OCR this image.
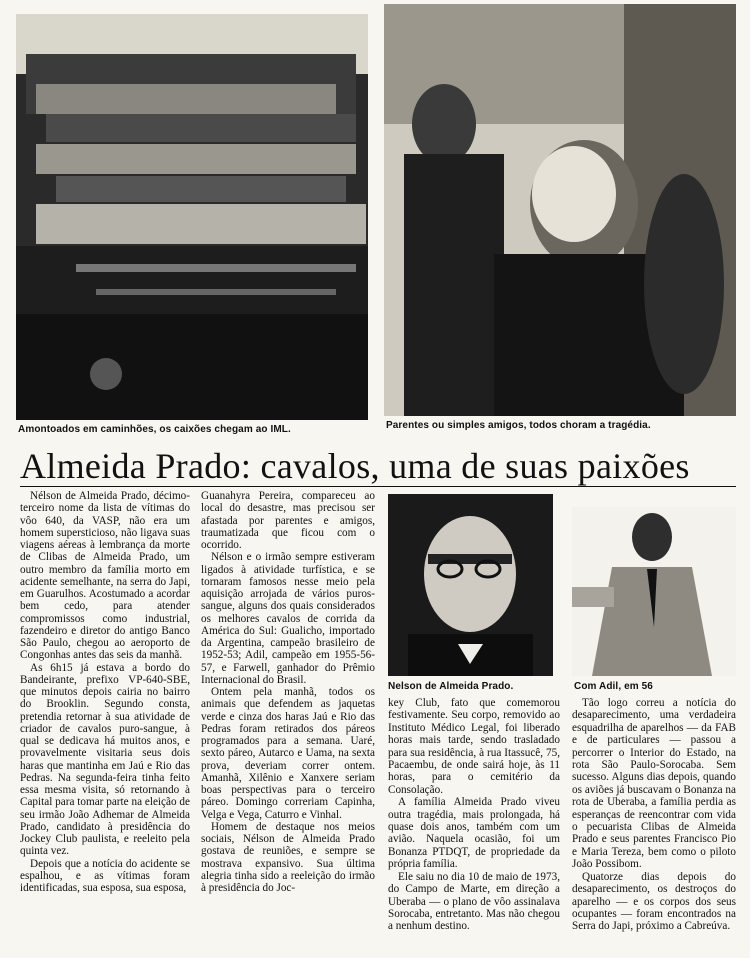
Amontoados em caminhões, os caixões chegam ao IML.	Parentes ou simples amigos, todos choram a tragédia.
Almeida Prado: cavalos, uma de suas paixões
Nelson de Almeida Prado.	Com Adil, em 56

Nélson de Almeida Prado, décimo-terceiro nome da lista de vítimas do vôo 640, da VASP, não era um homem supersticioso, não ligava suas viagens aéreas à lembrança da morte de Clibas de Almeida Prado, um outro membro da família morto em acidente semelhante, na serra do Japi, em Guarulhos. Acostumado a acordar bem cedo, para atender compromissos como industrial, fazendeiro e diretor do antigo Banco São Paulo, chegou ao aeroporto de Congonhas antes das seis da manhã.

As 6h15 já estava a bordo do Bandeirante, prefixo VP-640-SBE, que minutos depois cairia no bairro do Brooklin. Segundo consta, pretendia retornar à sua atividade de criador de cavalos puro-sangue, à qual se dedicava há muitos anos, e provavelmente visitaria seus dois haras que mantinha em Jaú e Rio das Pedras. Na segunda-feira tinha feito essa mesma visita, só retornando à Capital para tomar parte na eleição de seu irmão João Adhemar de Almeida Prado, candidato à presidência do Jockey Club paulista, e reeleito pela quinta vez.

Depois que a notícia do acidente se espalhou, e as vítimas foram identificadas, sua esposa, sua esposa,

Guanahyra Pereira, compareceu ao local do desastre, mas precisou ser afastada por parentes e amigos, traumatizada que ficou com o ocorrido.

Nélson e o irmão sempre estiveram ligados à atividade turfística, e se tornaram famosos nesse meio pela aquisição arrojada de vários puros-sangue, alguns dos quais considerados os melhores cavalos de corrida da América do Sul: Gualicho, importado da Argentina, campeão brasileiro de 1952-53; Adil, campeão em 1955-56-57, e Farwell, ganhador do Prêmio Internacional do Brasil.

Ontem pela manhã, todos os animais que defendem as jaquetas verde e cinza dos haras Jaú e Rio das Pedras foram retirados dos páreos programados para a semana. Uaré, sexto páreo, Autarco e Uama, na sexta prova, deveriam correr ontem. Amanhã, Xilênio e Xanxere seriam boas perspectivas para o terceiro páreo. Domingo correriam Capinha, Velga e Vega, Caturro e Vinhal.

Homem de destaque nos meios sociais, Nélson de Almeida Prado gostava de reuniões, e sempre se mostrava expansivo. Sua última alegria tinha sido a reeleição do irmão à presidência do Joc-

key Club, fato que comemorou festivamente. Seu corpo, removido ao Instituto Médico Legal, foi liberado horas mais tarde, sendo trasladado para sua residência, à rua Itassucê, 75, Pacaembu, de onde sairá hoje, às 11 horas, para o cemitério da Consolação.

A família Almeida Prado viveu outra tragédia, mais prolongada, há quase dois anos, também com um avião. Naquela ocasião, foi um Bonanza PTDQT, de propriedade da própria família.

Ele saiu no dia 10 de maio de 1973, do Campo de Marte, em direção a Uberaba — o plano de vôo assinalava Sorocaba, entretanto. Mas não chegou a nenhum destino.

Tão logo correu a notícia do desaparecimento, uma verdadeira esquadrilha de aparelhos — da FAB e de particulares — passou a percorrer o Interior do Estado, na rota São Paulo-Sorocaba. Sem sucesso. Alguns dias depois, quando os aviões já buscavam o Bonanza na rota de Uberaba, a família perdia as esperanças de reencontrar com vida o pecuarista Clibas de Almeida Prado e seus parentes Francisco Pio e Maria Tereza, bem como o piloto João Possibom.

Quatorze dias depois do desaparecimento, os destroços do aparelho — e os corpos dos seus ocupantes — foram encontrados na Serra do Japi, próximo a Cabreúva.
